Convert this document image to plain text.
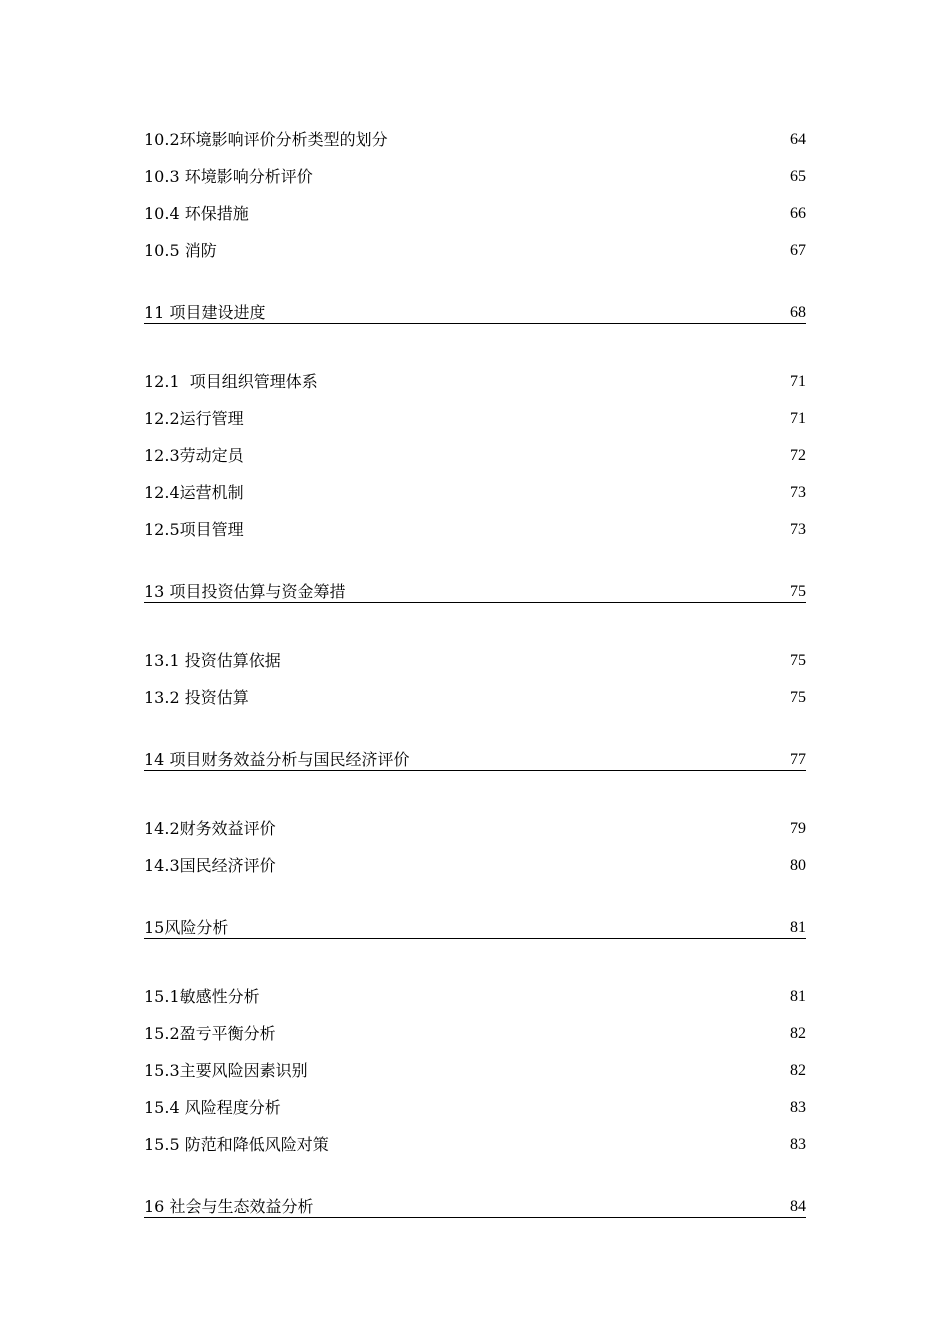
10.2环境影响评价分析类型的划分	64
10.3 环境影响分析评价	65
10.4 环保措施	66
10.5 消防	67
11 项目建设进度	68
12.1  项目组织管理体系	71
12.2运行管理	71
12.3劳动定员	72
12.4运营机制	73
12.5项目管理	73
13 项目投资估算与资金筹措	75
13.1 投资估算依据	75
13.2 投资估算	75
14 项目财务效益分析与国民经济评价	77
14.2财务效益评价	79
14.3国民经济评价	80
15风险分析	81
15.1敏感性分析	81
15.2盈亏平衡分析	82
15.3主要风险因素识别	82
15.4 风险程度分析	83
15.5 防范和降低风险对策	83
16 社会与生态效益分析	84
